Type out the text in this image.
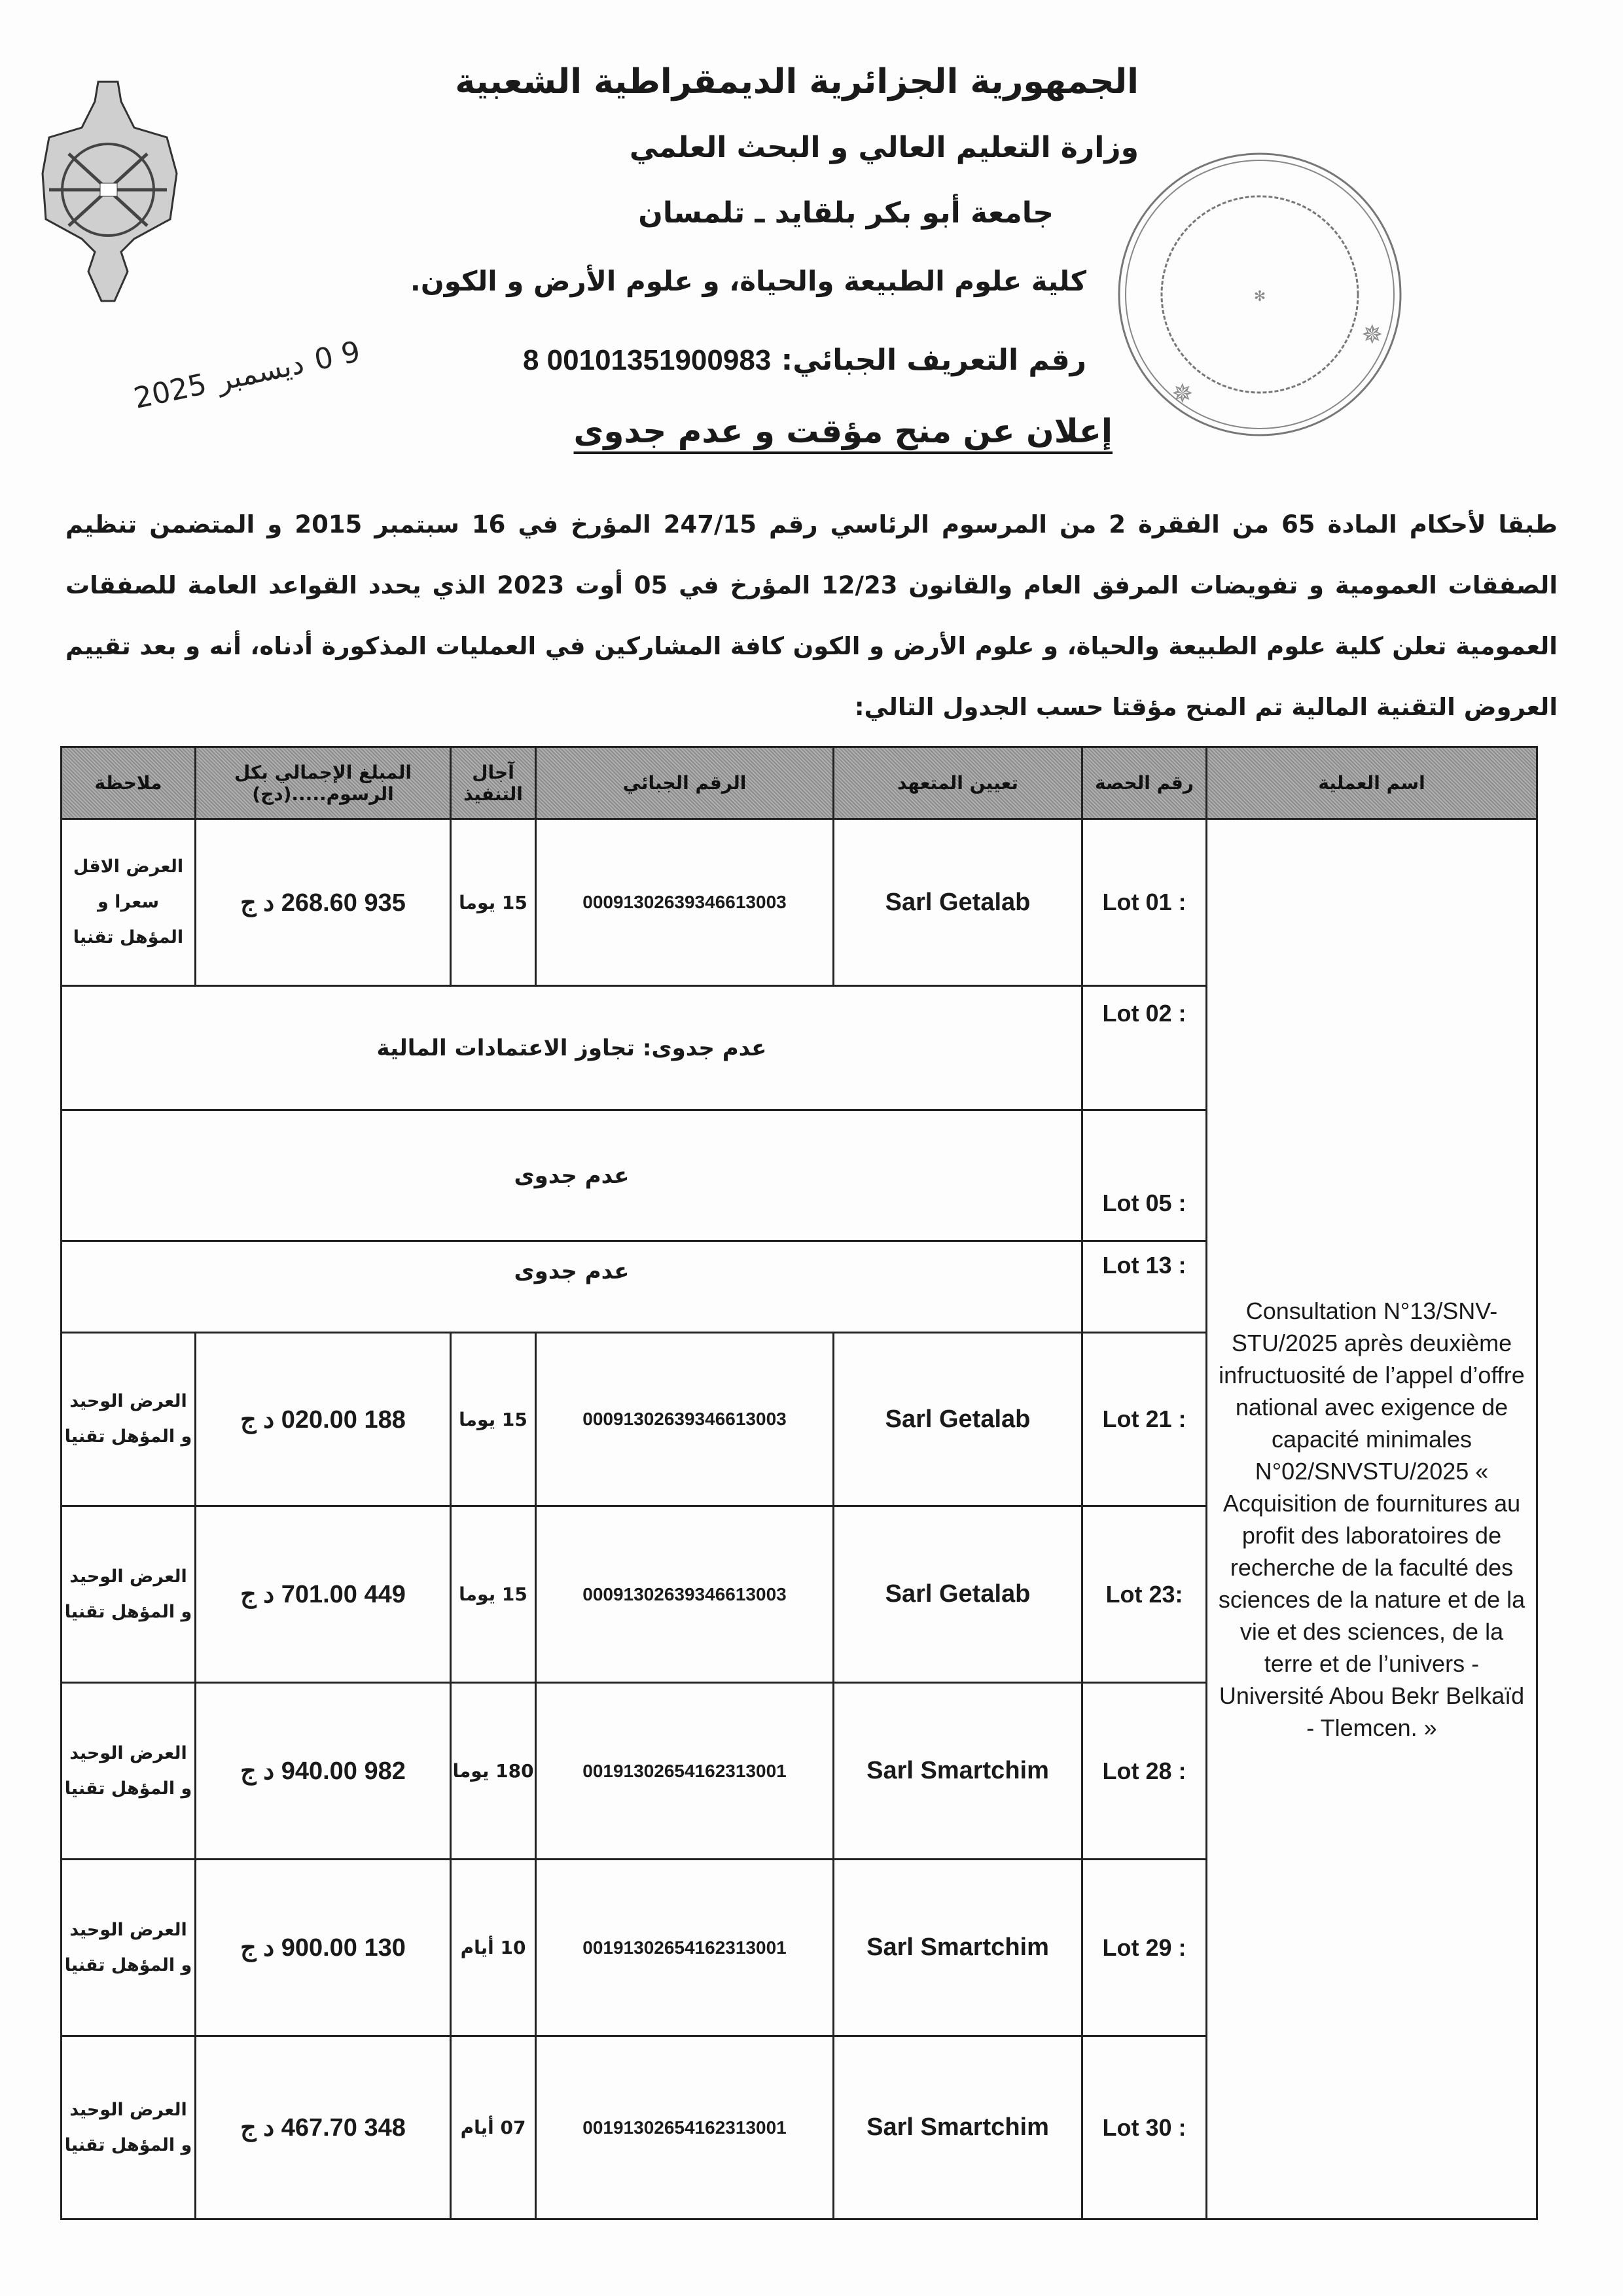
✻
✵
✵
الجمهورية الجزائرية الديمقراطية الشعبية
وزارة التعليم العالي و البحث العلمي
جامعة أبو بكر بلقايد ـ تلمسان
كلية علوم الطبيعة والحياة، و علوم الأرض و الكون.
رقم التعريف الجبائي: 00101351900983 8
2025 ديسمبر 0 9
إعلان عن منح مؤقت و عدم جدوى
طبقا لأحكام المادة 65 من الفقرة 2 من المرسوم الرئاسي رقم 247/15 المؤرخ في 16 سبتمبر 2015 و المتضمن تنظيم الصفقات العمومية و تفويضات المرفق العام والقانون 12/23 المؤرخ في 05 أوت 2023 الذي يحدد القواعد العامة للصفقات العمومية تعلن كلية علوم الطبيعة والحياة، و علوم الأرض و الكون كافة المشاركين في العمليات المذكورة أدناه، أنه و بعد تقييم العروض التقنية المالية تم المنح مؤقتا حسب الجدول التالي:
ملاحظة	المبلغ الإجمالي بكل الرسوم.....(دج)	آجال التنفيذ	الرقم الجبائي	تعيين المتعهد	رقم الحصة	اسم العملية
العرض الاقل سعرا و المؤهل تقنيا	935 268.60 د ج	15 يوما	00091302639346613003	Sarl Getalab	Lot 01 :	Consultation N°13/SNV-STU/2025 après deuxième infructuosité de l’appel d’offre national avec exigence de capacité minimales N°02/SNVSTU/2025 « Acquisition de fournitures au profit des laboratoires de recherche de la faculté des sciences de la nature et de la vie et des sciences, de la terre et de l’univers -Université Abou Bekr Belkaïd - Tlemcen. »

عدم جدوى: تجاوز الاعتمادات المالية					Lot 02 :	
عدم جدوى					Lot 05 :	
عدم جدوى					Lot 13 :	
العرض الوحيد و المؤهل تقنيا	188 020.00 د ج	15 يوما	00091302639346613003	Sarl Getalab	Lot 21 :	
العرض الوحيد و المؤهل تقنيا	449 701.00 د ج	15 يوما	00091302639346613003	Sarl Getalab	Lot 23:	
العرض الوحيد و المؤهل تقنيا	982 940.00 د ج	180 يوما	00191302654162313001	Sarl Smartchim	Lot 28 :	
العرض الوحيد و المؤهل تقنيا	130 900.00 د ج	10 أيام	00191302654162313001	Sarl Smartchim	Lot 29 :	
العرض الوحيد و المؤهل تقنيا	348 467.70 د ج	07 أيام	00191302654162313001	Sarl Smartchim	Lot 30 :	
